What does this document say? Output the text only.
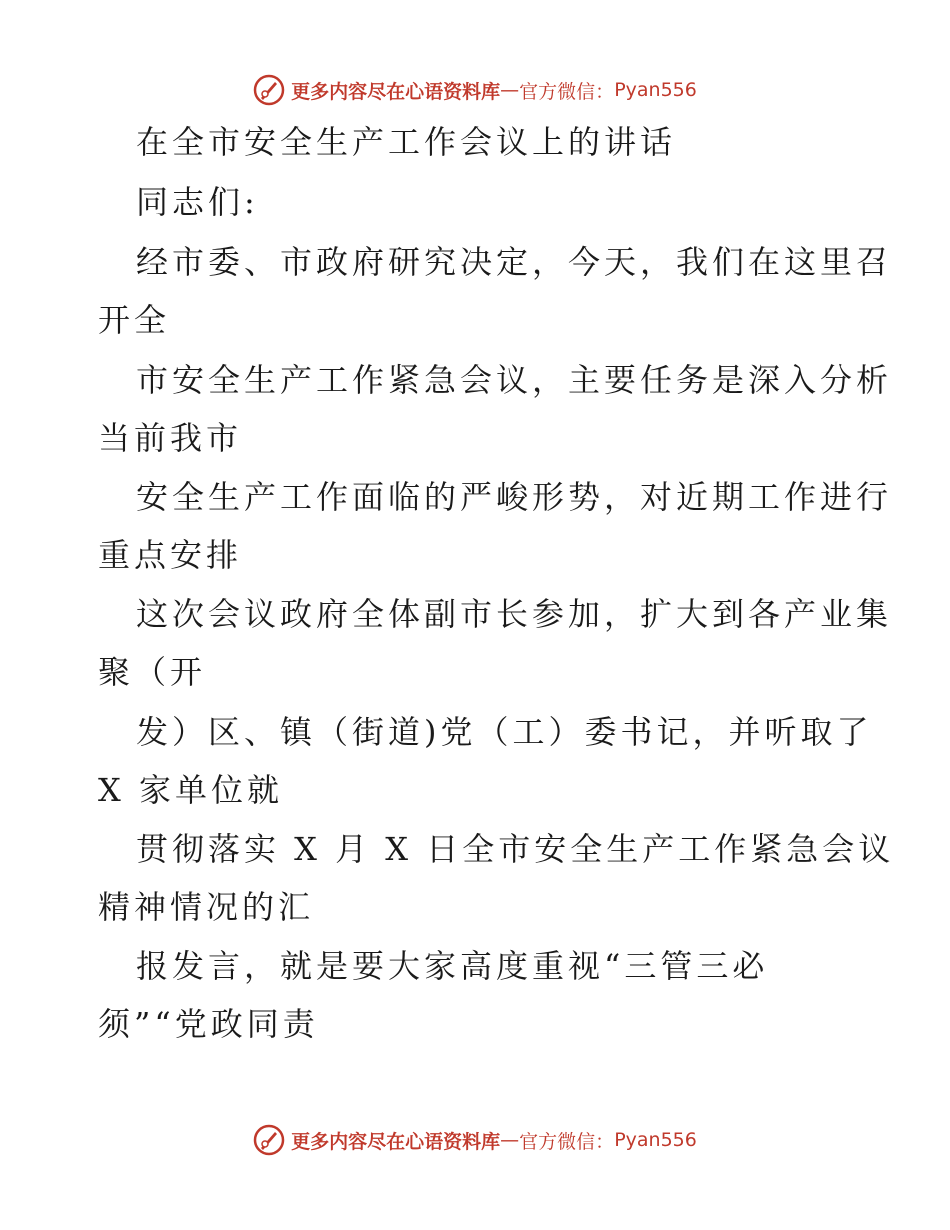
更多内容尽在心语资料库 — 官方微信： Pyan556
在全市安全生产工作会议上的讲话
同志们:
经市委、市政府研究决定，今天，我们在这里召
开全
市安全生产工作紧急会议，主要任务是深入分析
当前我市
安全生产工作面临的严峻形势，对近期工作进行
重点安排
这次会议政府全体副市长参加，扩大到各产业集
聚（开
发）区、镇（街道)党（工）委书记，并听取了
X 家单位就
贯彻落实 X 月 X 日全市安全生产工作紧急会议
精神情况的汇
报发言，就是要大家高度重视“三管三必
须”“党政同责
更多内容尽在心语资料库 — 官方微信： Pyan556
